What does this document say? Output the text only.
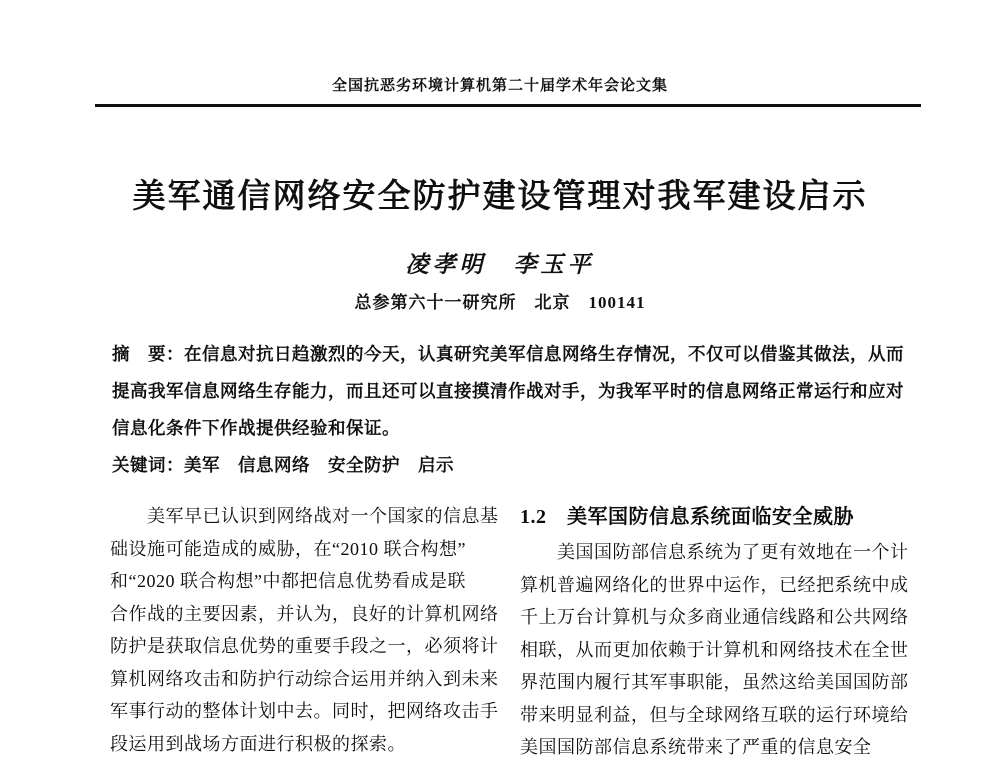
全国抗恶劣环境计算机第二十届学术年会论文集
美军通信网络安全防护建设管理对我军建设启示
凌孝明　李玉平
总参第六十一研究所　北京　100141
摘　要：在信息对抗日趋激烈的今天，认真研究美军信息网络生存情况，不仅可以借鉴其做法，从而
提高我军信息网络生存能力，而且还可以直接摸清作战对手，为我军平时的信息网络正常运行和应对
信息化条件下作战提供经验和保证。
关键词：美军　信息网络　安全防护　启示
　　美军早已认识到网络战对一个国家的信息基
础设施可能造成的威胁，在“2010 联合构想”
和“2020 联合构想”中都把信息优势看成是联
合作战的主要因素，并认为，良好的计算机网络
防护是获取信息优势的重要手段之一，必须将计
算机网络攻击和防护行动综合运用并纳入到未来
军事行动的整体计划中去。同时，把网络攻击手
段运用到战场方面进行积极的探索。
1.2　美军国防信息系统面临安全威胁
　　美国国防部信息系统为了更有效地在一个计
算机普遍网络化的世界中运作，已经把系统中成
千上万台计算机与众多商业通信线路和公共网络
相联，从而更加依赖于计算机和网络技术在全世
界范围内履行其军事职能，虽然这给美国国防部
带来明显利益，但与全球网络互联的运行环境给
美国国防部信息系统带来了严重的信息安全
